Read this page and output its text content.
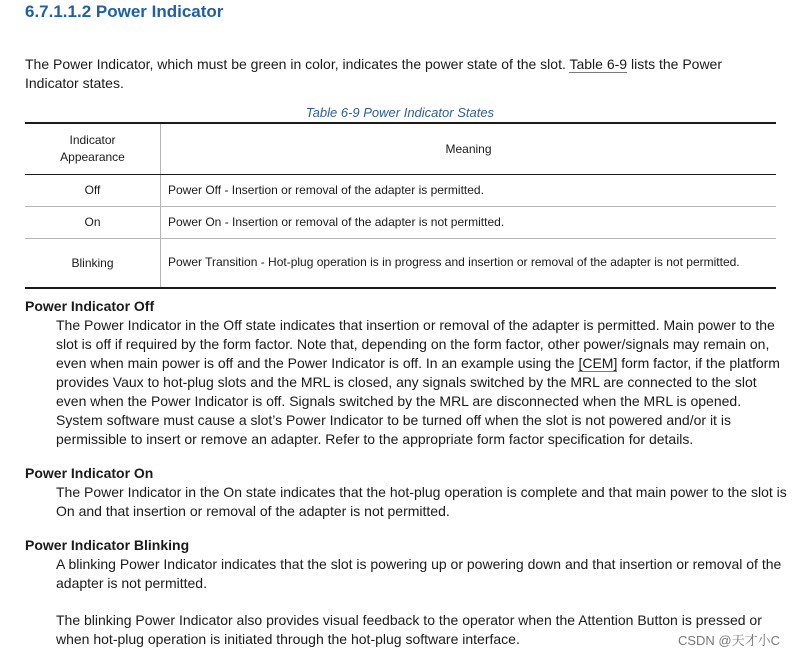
6.7.1.1.2 Power Indicator

The Power Indicator, which must be green in color, indicates the power state of the slot. Table 6-9 lists the Power Indicator states.

Table 6-9 Power Indicator States
Indicator
Appearance	Meaning
Off	Power Off - Insertion or removal of the adapter is permitted.
On	Power On - Insertion or removal of the adapter is not permitted.
Blinking	Power Transition - Hot-plug operation is in progress and insertion or removal of the adapter is not permitted.
Power Indicator Off

The Power Indicator in the Off state indicates that insertion or removal of the adapter is permitted. Main power to the slot is off if required by the form factor. Note that, depending on the form factor, other power/signals may remain on, even when main power is off and the Power Indicator is off. In an example using the [CEM] form factor, if the platform provides Vaux to hot-plug slots and the MRL is closed, any signals switched by the MRL are connected to the slot even when the Power Indicator is off. Signals switched by the MRL are disconnected when the MRL is opened. System software must cause a slot’s Power Indicator to be turned off when the slot is not powered and/or it is permissible to insert or remove an adapter. Refer to the appropriate form factor specification for details.

Power Indicator On

The Power Indicator in the On state indicates that the hot-plug operation is complete and that main power to the slot is On and that insertion or removal of the adapter is not permitted.

Power Indicator Blinking

A blinking Power Indicator indicates that the slot is powering up or powering down and that insertion or removal of the adapter is not permitted.

The blinking Power Indicator also provides visual feedback to the operator when the Attention Button is pressed or when hot-plug operation is initiated through the hot-plug software interface.	CSDN @天才小C
